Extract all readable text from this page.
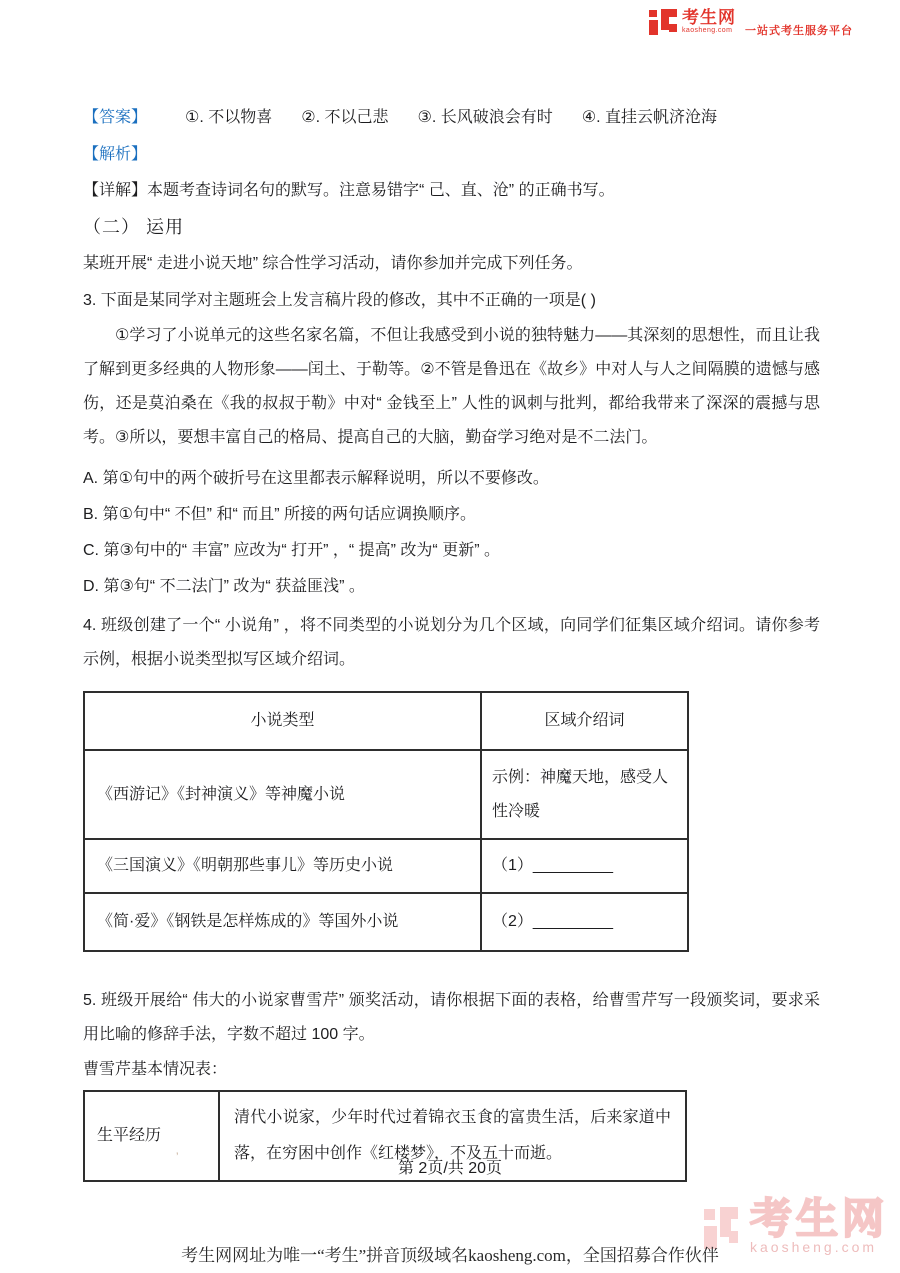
考生网
kaosheng.com	一站式考生服务平台

【答案】 ①. 不以物喜 ②. 不以己悲 ③. 长风破浪会有时 ④. 直挂云帆济沧海

【解析】

【详解】本题考查诗词名句的默写。注意易错字“ 己、直、沧” 的正确书写。

（二） 运用

某班开展“ 走进小说天地” 综合性学习活动，请你参加并完成下列任务。

3. 下面是某同学对主题班会上发言稿片段的修改，其中不正确的一项是( )

①学习了小说单元的这些名家名篇，不但让我感受到小说的独特魅力——其深刻的思想性，而且让我了解到更多经典的人物形象——闰土、于勒等。②不管是鲁迅在《故乡》中对人与人之间隔膜的遗憾与感伤，还是莫泊桑在《我的叔叔于勒》中对“ 金钱至上” 人性的讽刺与批判，都给我带来了深深的震撼与思考。③所以，要想丰富自己的格局、提高自己的大脑，勤奋学习绝对是不二法门。

A. 第①句中的两个破折号在这里都表示解释说明，所以不要修改。

B. 第①句中“ 不但” 和“ 而且” 所接的两句话应调换顺序。

C. 第③句中的“ 丰富” 应改为“ 打开” ，“ 提高” 改为“ 更新” 。

D. 第③句“ 不二法门” 改为“ 获益匪浅” 。

4. 班级创建了一个“ 小说角” ，将不同类型的小说划分为几个区域，向同学们征集区域介绍词。请你参考示例，根据小说类型拟写区域介绍词。

小说类型	区域介绍词
《西游记》《封神演义》等神魔小说	示例：神魔天地，感受人性冷暖
《三国演义》《明朝那些事儿》等历史小说	（1）_________
《简·爱》《钢铁是怎样炼成的》等国外小说	（2）_________

5. 班级开展给“ 伟大的小说家曹雪芹” 颁奖活动，请你根据下面的表格，给曹雪芹写一段颁奖词，要求采用比喻的修辞手法，字数不超过 100 字。

曹雪芹基本情况表：

生平经历	清代小说家，少年时代过着锦衣玉食的富贵生活，后来家道中落，在穷困中创作《红楼梦》，不及五十而逝。
’
第 2页/共 20页
考生网
kaosheng.com
考生网网址为唯一“考生”拼音顶级域名kaosheng.com，全国招募合作伙伴
